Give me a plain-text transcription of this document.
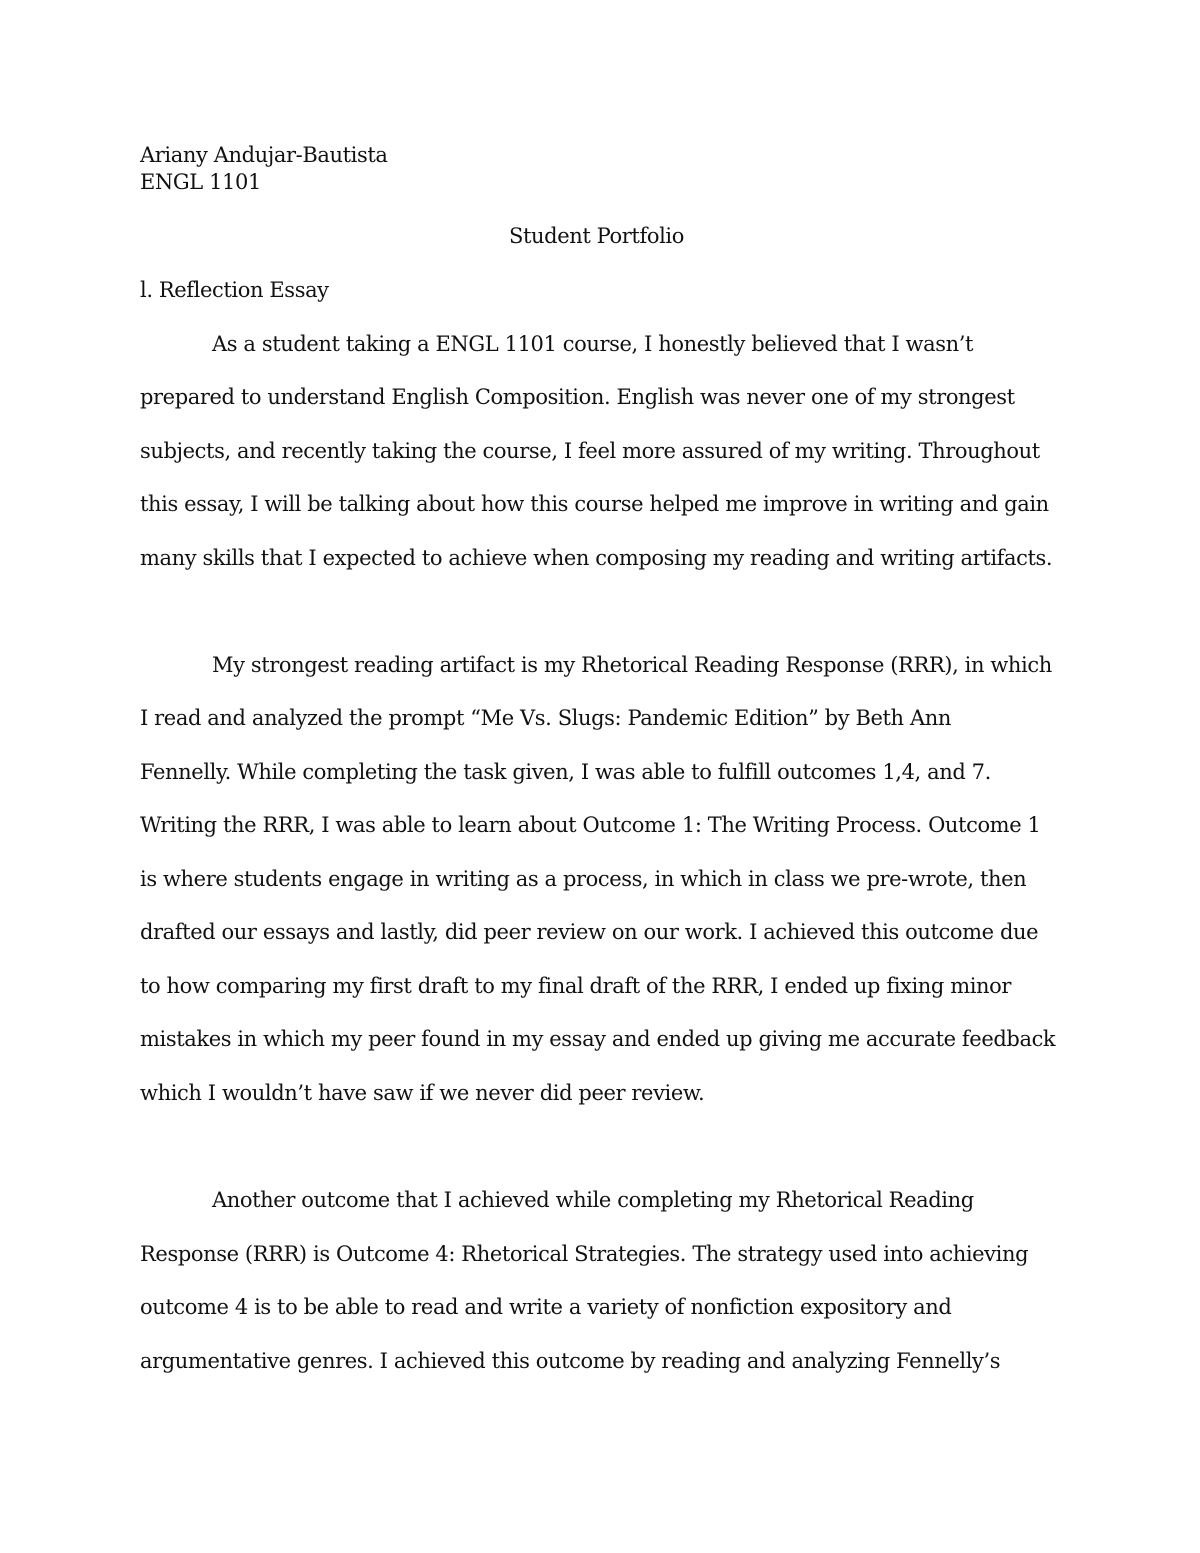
Ariany Andujar-Bautista
ENGL 1101
Student Portfolio
l. Reflection Essay
As a student taking a ENGL 1101 course, I honestly believed that I wasn’t
prepared to understand English Composition. English was never one of my strongest
subjects, and recently taking the course, I feel more assured of my writing. Throughout
this essay, I will be talking about how this course helped me improve in writing and gain
many skills that I expected to achieve when composing my reading and writing artifacts.
My strongest reading artifact is my Rhetorical Reading Response (RRR), in which
I read and analyzed the prompt “Me Vs. Slugs: Pandemic Edition” by Beth Ann
Fennelly. While completing the task given, I was able to fulfill outcomes 1,4, and 7.
Writing the RRR, I was able to learn about Outcome 1: The Writing Process. Outcome 1
is where students engage in writing as a process, in which in class we pre-wrote, then
drafted our essays and lastly, did peer review on our work. I achieved this outcome due
to how comparing my first draft to my final draft of the RRR, I ended up fixing minor
mistakes in which my peer found in my essay and ended up giving me accurate feedback
which I wouldn’t have saw if we never did peer review.
Another outcome that I achieved while completing my Rhetorical Reading
Response (RRR) is Outcome 4: Rhetorical Strategies. The strategy used into achieving
outcome 4 is to be able to read and write a variety of nonfiction expository and
argumentative genres. I achieved this outcome by reading and analyzing Fennelly’s
